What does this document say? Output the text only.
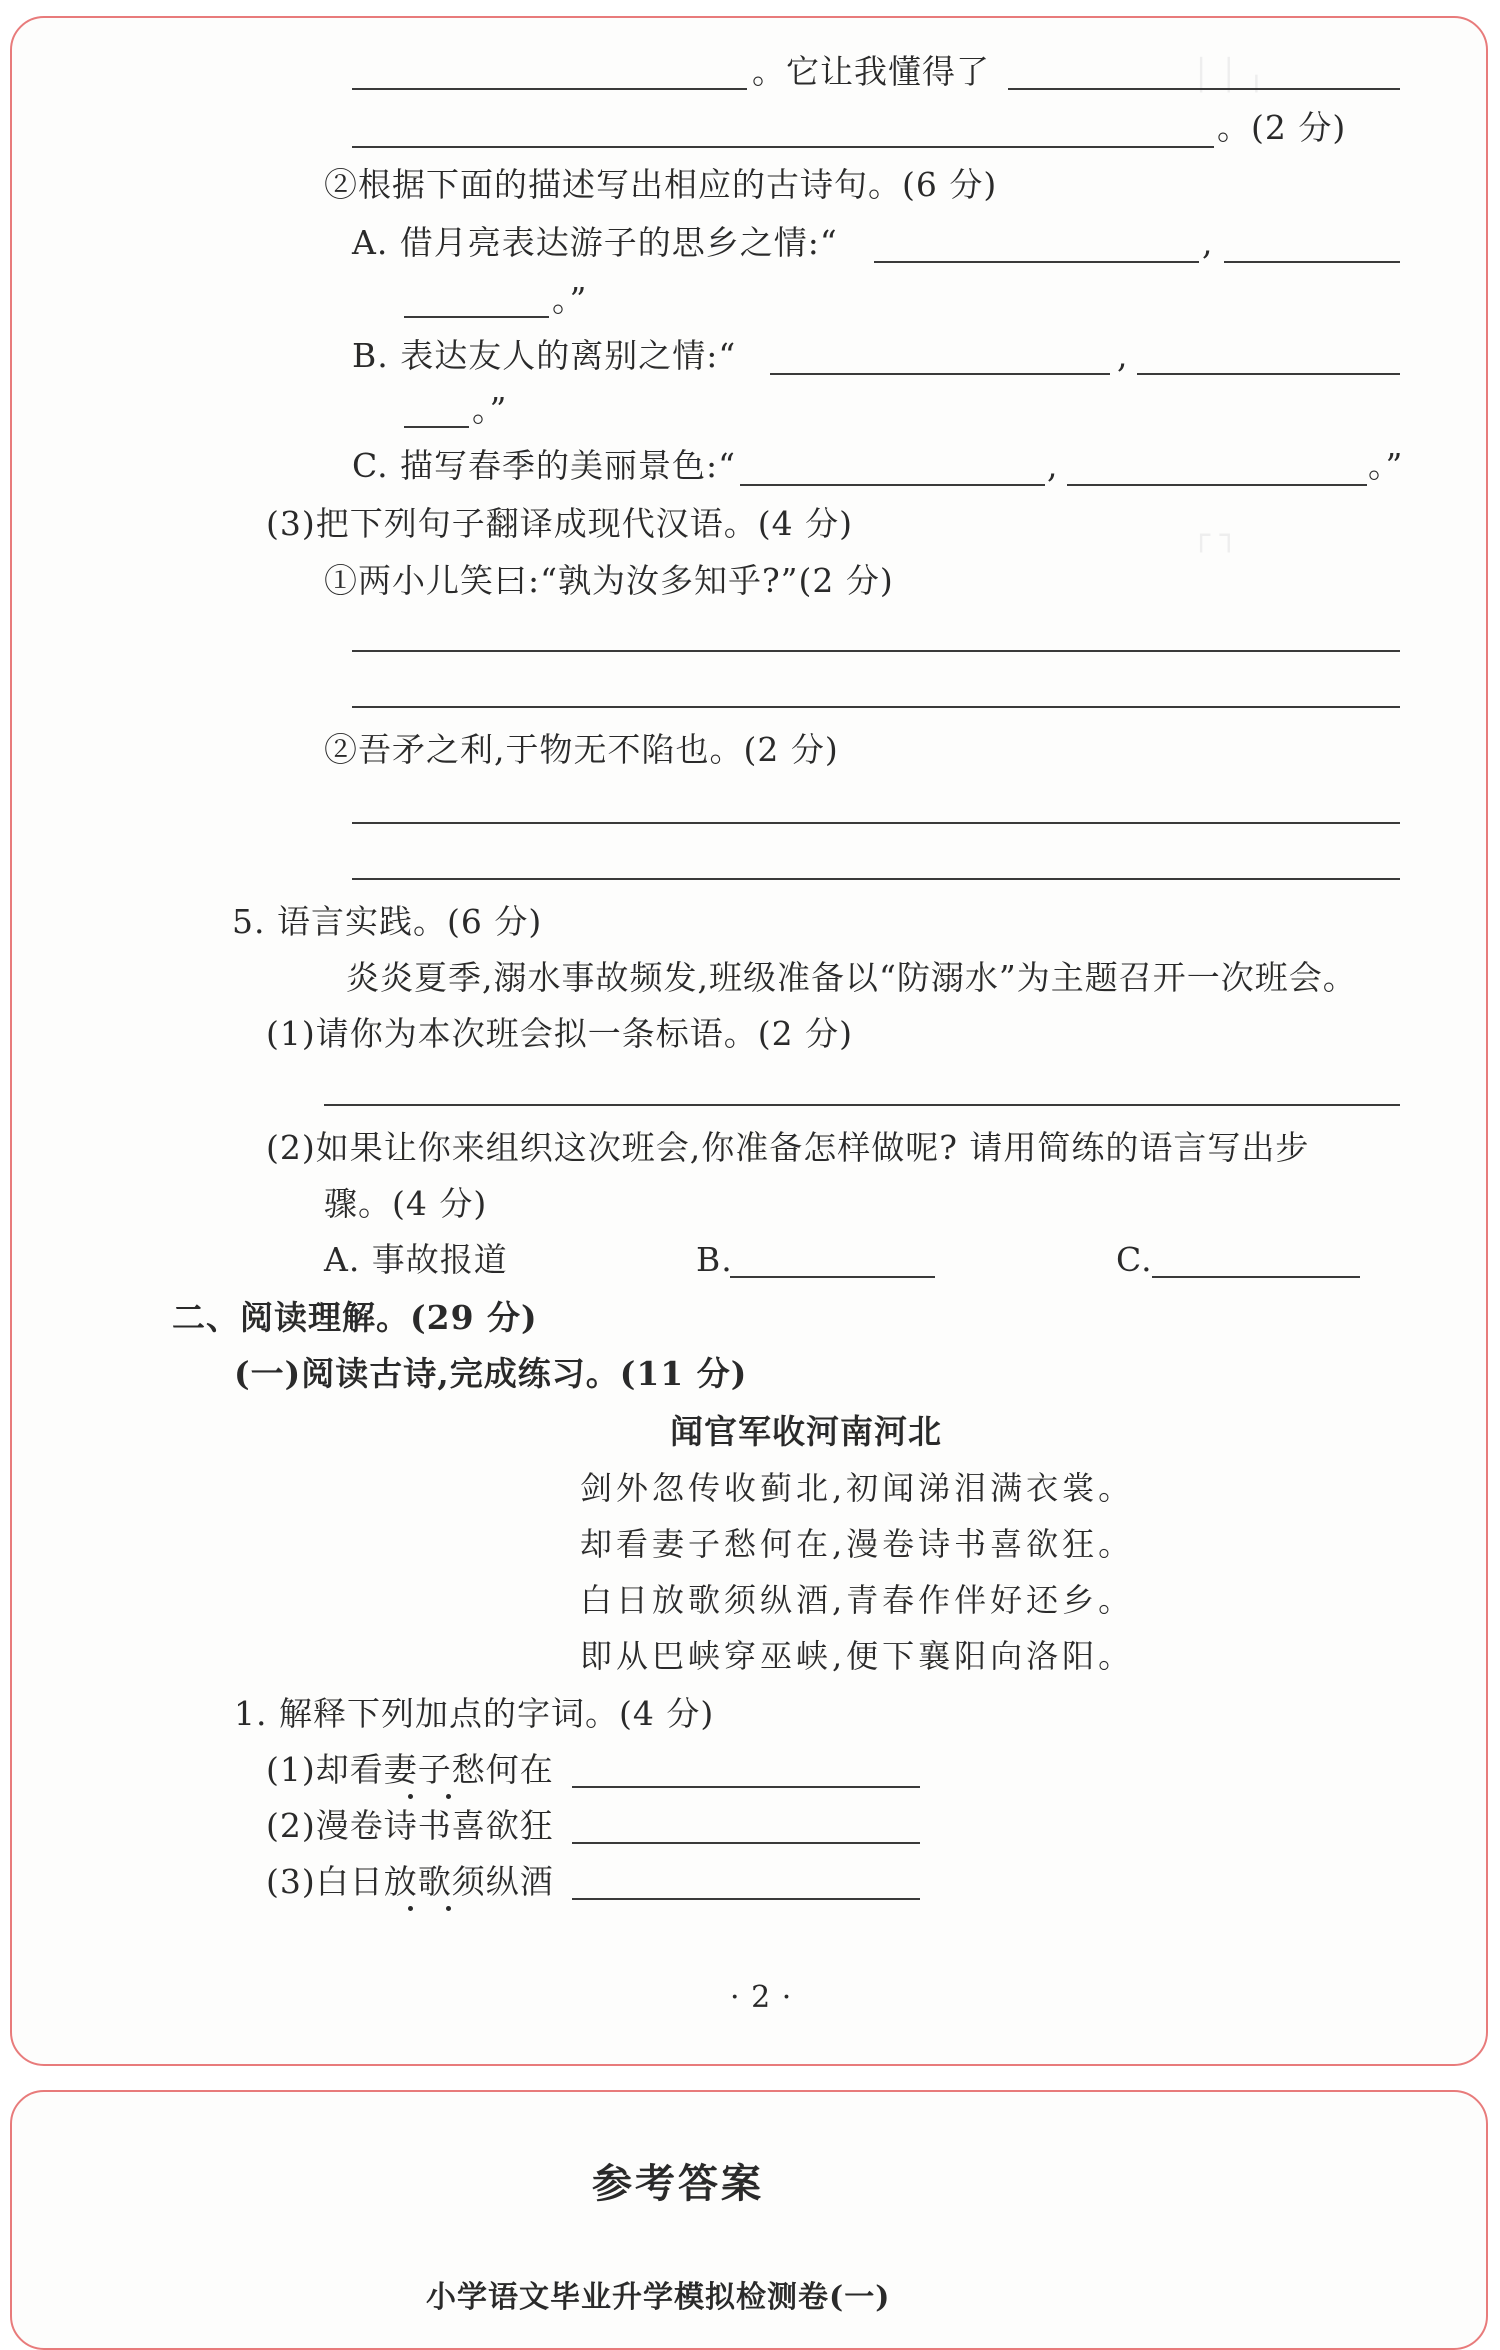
│ │ ╷
┌ ┐
。它让我懂得了
。(2 分)
②根据下面的描述写出相应的古诗句。(6 分)
A. 借月亮表达游子的思乡之情:“	,
。”
B. 表达友人的离别之情:“	,
。”
C. 描写春季的美丽景色:“	,	。”
(3)把下列句子翻译成现代汉语。(4 分)
①两小儿笑曰:“孰为汝多知乎?”(2 分)
②吾矛之利,于物无不陷也。(2 分)
5. 语言实践。(6 分)
炎炎夏季,溺水事故频发,班级准备以“防溺水”为主题召开一次班会。
(1)请你为本次班会拟一条标语。(2 分)
(2)如果让你来组织这次班会,你准备怎样做呢? 请用简练的语言写出步
骤。(4 分)
A. 事故报道	B.	C.
二、阅读理解。(29 分)
(一)阅读古诗,完成练习。(11 分)
闻官军收河南河北
剑外忽传收蓟北,初闻涕泪满衣裳。
却看妻子愁何在,漫卷诗书喜欲狂。
白日放歌须纵酒,青春作伴好还乡。
即从巴峡穿巫峡,便下襄阳向洛阳。
1. 解释下列加点的字词。(4 分)
(1)却看妻子愁何在
(2)漫卷诗书喜欲狂
(3)白日放歌须纵酒
· 2 ·
参考答案
小学语文毕业升学模拟检测卷(一)
